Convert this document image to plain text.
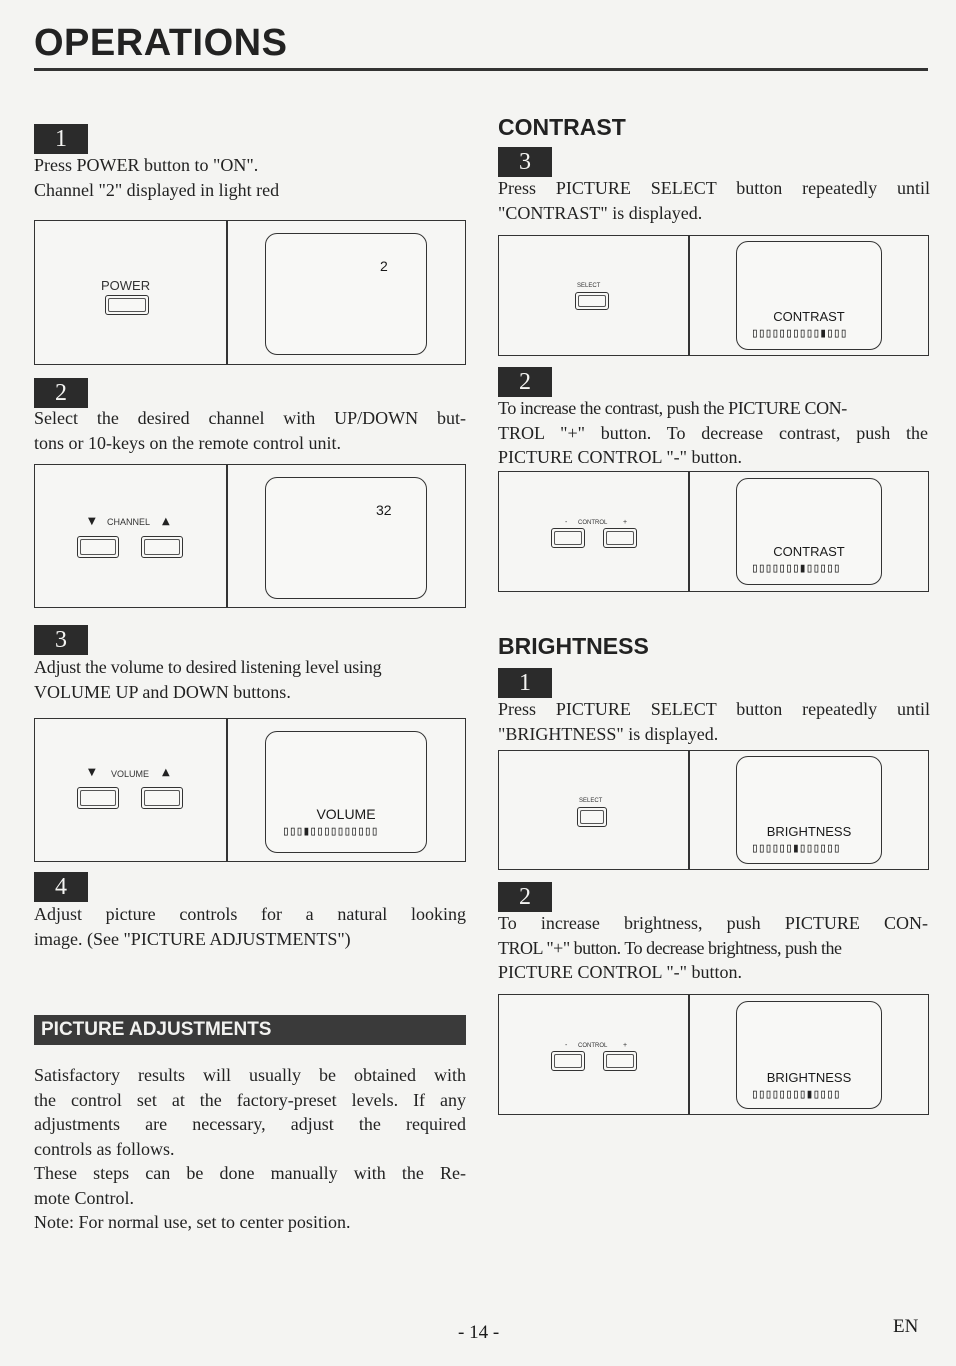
OPERATIONS
1
Press POWER button to "ON".
Channel "2" displayed in light red
POWER
2
2
Select the desired channel with UP/DOWN but-
tons or 10-keys on the remote control unit.
▼ CHANNEL ▲
32
3
Adjust the volume to desired listening level using
VOLUME UP and DOWN buttons.
▼ VOLUME ▲
VOLUME
▯▯▯▮▯▯▯▯▯▯▯▯▯▯
4
Adjust picture controls for a natural looking
image. (See "PICTURE ADJUSTMENTS")
PICTURE ADJUSTMENTS
Satisfactory results will usually be obtained with
the control set at the factory-preset levels. If any
adjustments are necessary, adjust the required
controls as follows.
These steps can be done manually with the Re-
mote Control.
Note: For normal use, set to center position.
CONTRAST
3
Press PICTURE SELECT button repeatedly until
"CONTRAST" is displayed.
SELECT
CONTRAST
▯▯▯▯▯▯▯▯▯▯▮▯▯▯
2
To increase the contrast, push the PICTURE CON-
TROL "+" button. To decrease contrast, push the
PICTURE CONTROL "-" button.
- CONTROL +
CONTRAST
▯▯▯▯▯▯▯▮▯▯▯▯▯
BRIGHTNESS
1
Press PICTURE SELECT button repeatedly until
"BRIGHTNESS" is displayed.
SELECT
BRIGHTNESS
▯▯▯▯▯▯▮▯▯▯▯▯▯
2
To increase brightness, push PICTURE CON-
TROL "+" button. To decrease brightness, push the
PICTURE CONTROL "-" button.
- CONTROL +
BRIGHTNESS
▯▯▯▯▯▯▯▯▮▯▯▯▯
- 14 -	EN
